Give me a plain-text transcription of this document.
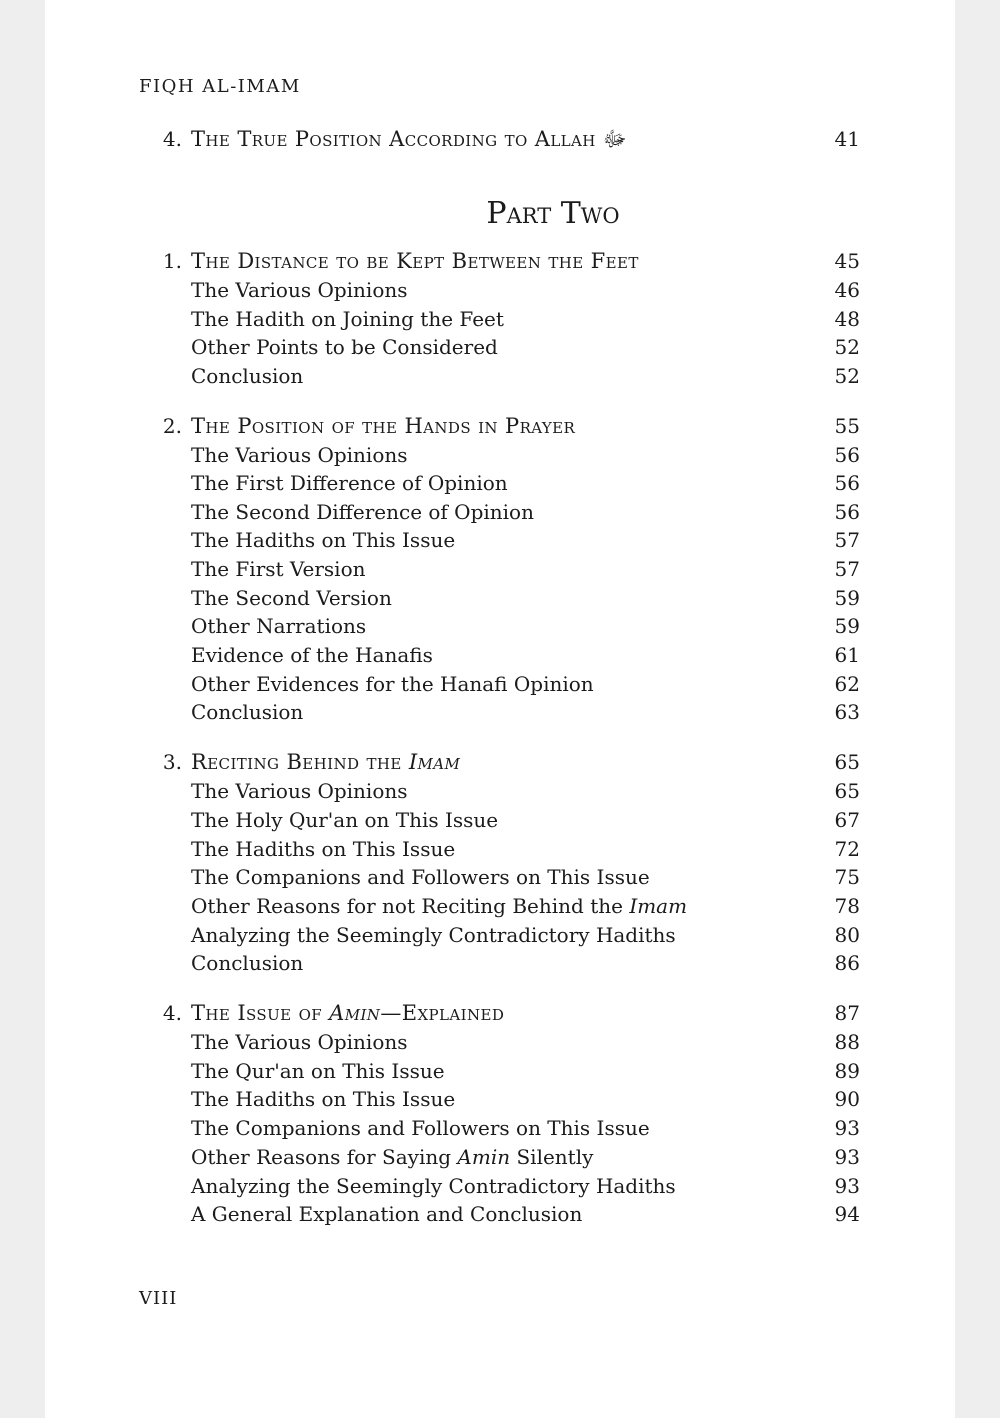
FIQH AL-IMAM
4. The True Position According to Allah ﷻ	41
Part Two
1. The Distance to be Kept Between the Feet	45
The Various Opinions	46
The Hadith on Joining the Feet	48
Other Points to be Considered	52
Conclusion	52
2. The Position of the Hands in Prayer	55
The Various Opinions	56
The First Difference of Opinion	56
The Second Difference of Opinion	56
The Hadiths on This Issue	57
The First Version	57
The Second Version	59
Other Narrations	59
Evidence of the Hanafis	61
Other Evidences for the Hanafi Opinion	62
Conclusion	63
3. Reciting Behind the Imam	65
The Various Opinions	65
The Holy Qur'an on This Issue	67
The Hadiths on This Issue	72
The Companions and Followers on This Issue	75
Other Reasons for not Reciting Behind the Imam	78
Analyzing the Seemingly Contradictory Hadiths	80
Conclusion	86
4. The Issue of Amin—Explained	87
The Various Opinions	88
The Qur'an on This Issue	89
The Hadiths on This Issue	90
The Companions and Followers on This Issue	93
Other Reasons for Saying Amin Silently	93
Analyzing the Seemingly Contradictory Hadiths	93
A General Explanation and Conclusion	94
VIII
